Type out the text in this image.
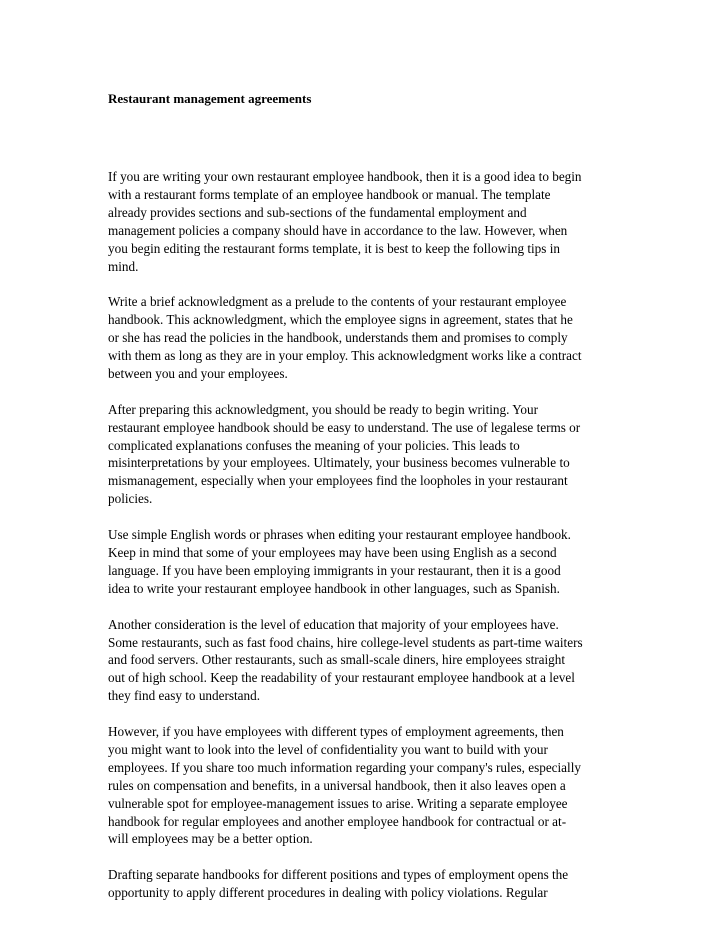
Restaurant management agreements

If you are writing your own restaurant employee handbook, then it is a good idea to begin
with a restaurant forms template of an employee handbook or manual. The template
already provides sections and sub-sections of the fundamental employment and
management policies a company should have in accordance to the law. However, when
you begin editing the restaurant forms template, it is best to keep the following tips in
mind.

Write a brief acknowledgment as a prelude to the contents of your restaurant employee
handbook. This acknowledgment, which the employee signs in agreement, states that he
or she has read the policies in the handbook, understands them and promises to comply
with them as long as they are in your employ. This acknowledgment works like a contract
between you and your employees.

After preparing this acknowledgment, you should be ready to begin writing. Your
restaurant employee handbook should be easy to understand. The use of legalese terms or
complicated explanations confuses the meaning of your policies. This leads to
misinterpretations by your employees. Ultimately, your business becomes vulnerable to
mismanagement, especially when your employees find the loopholes in your restaurant
policies.

Use simple English words or phrases when editing your restaurant employee handbook.
Keep in mind that some of your employees may have been using English as a second
language. If you have been employing immigrants in your restaurant, then it is a good
idea to write your restaurant employee handbook in other languages, such as Spanish.

Another consideration is the level of education that majority of your employees have.
Some restaurants, such as fast food chains, hire college-level students as part-time waiters
and food servers. Other restaurants, such as small-scale diners, hire employees straight
out of high school. Keep the readability of your restaurant employee handbook at a level
they find easy to understand.

However, if you have employees with different types of employment agreements, then
you might want to look into the level of confidentiality you want to build with your
employees. If you share too much information regarding your company's rules, especially
rules on compensation and benefits, in a universal handbook, then it also leaves open a
vulnerable spot for employee-management issues to arise. Writing a separate employee
handbook for regular employees and another employee handbook for contractual or at-
will employees may be a better option.

Drafting separate handbooks for different positions and types of employment opens the
opportunity to apply different procedures in dealing with policy violations. Regular
